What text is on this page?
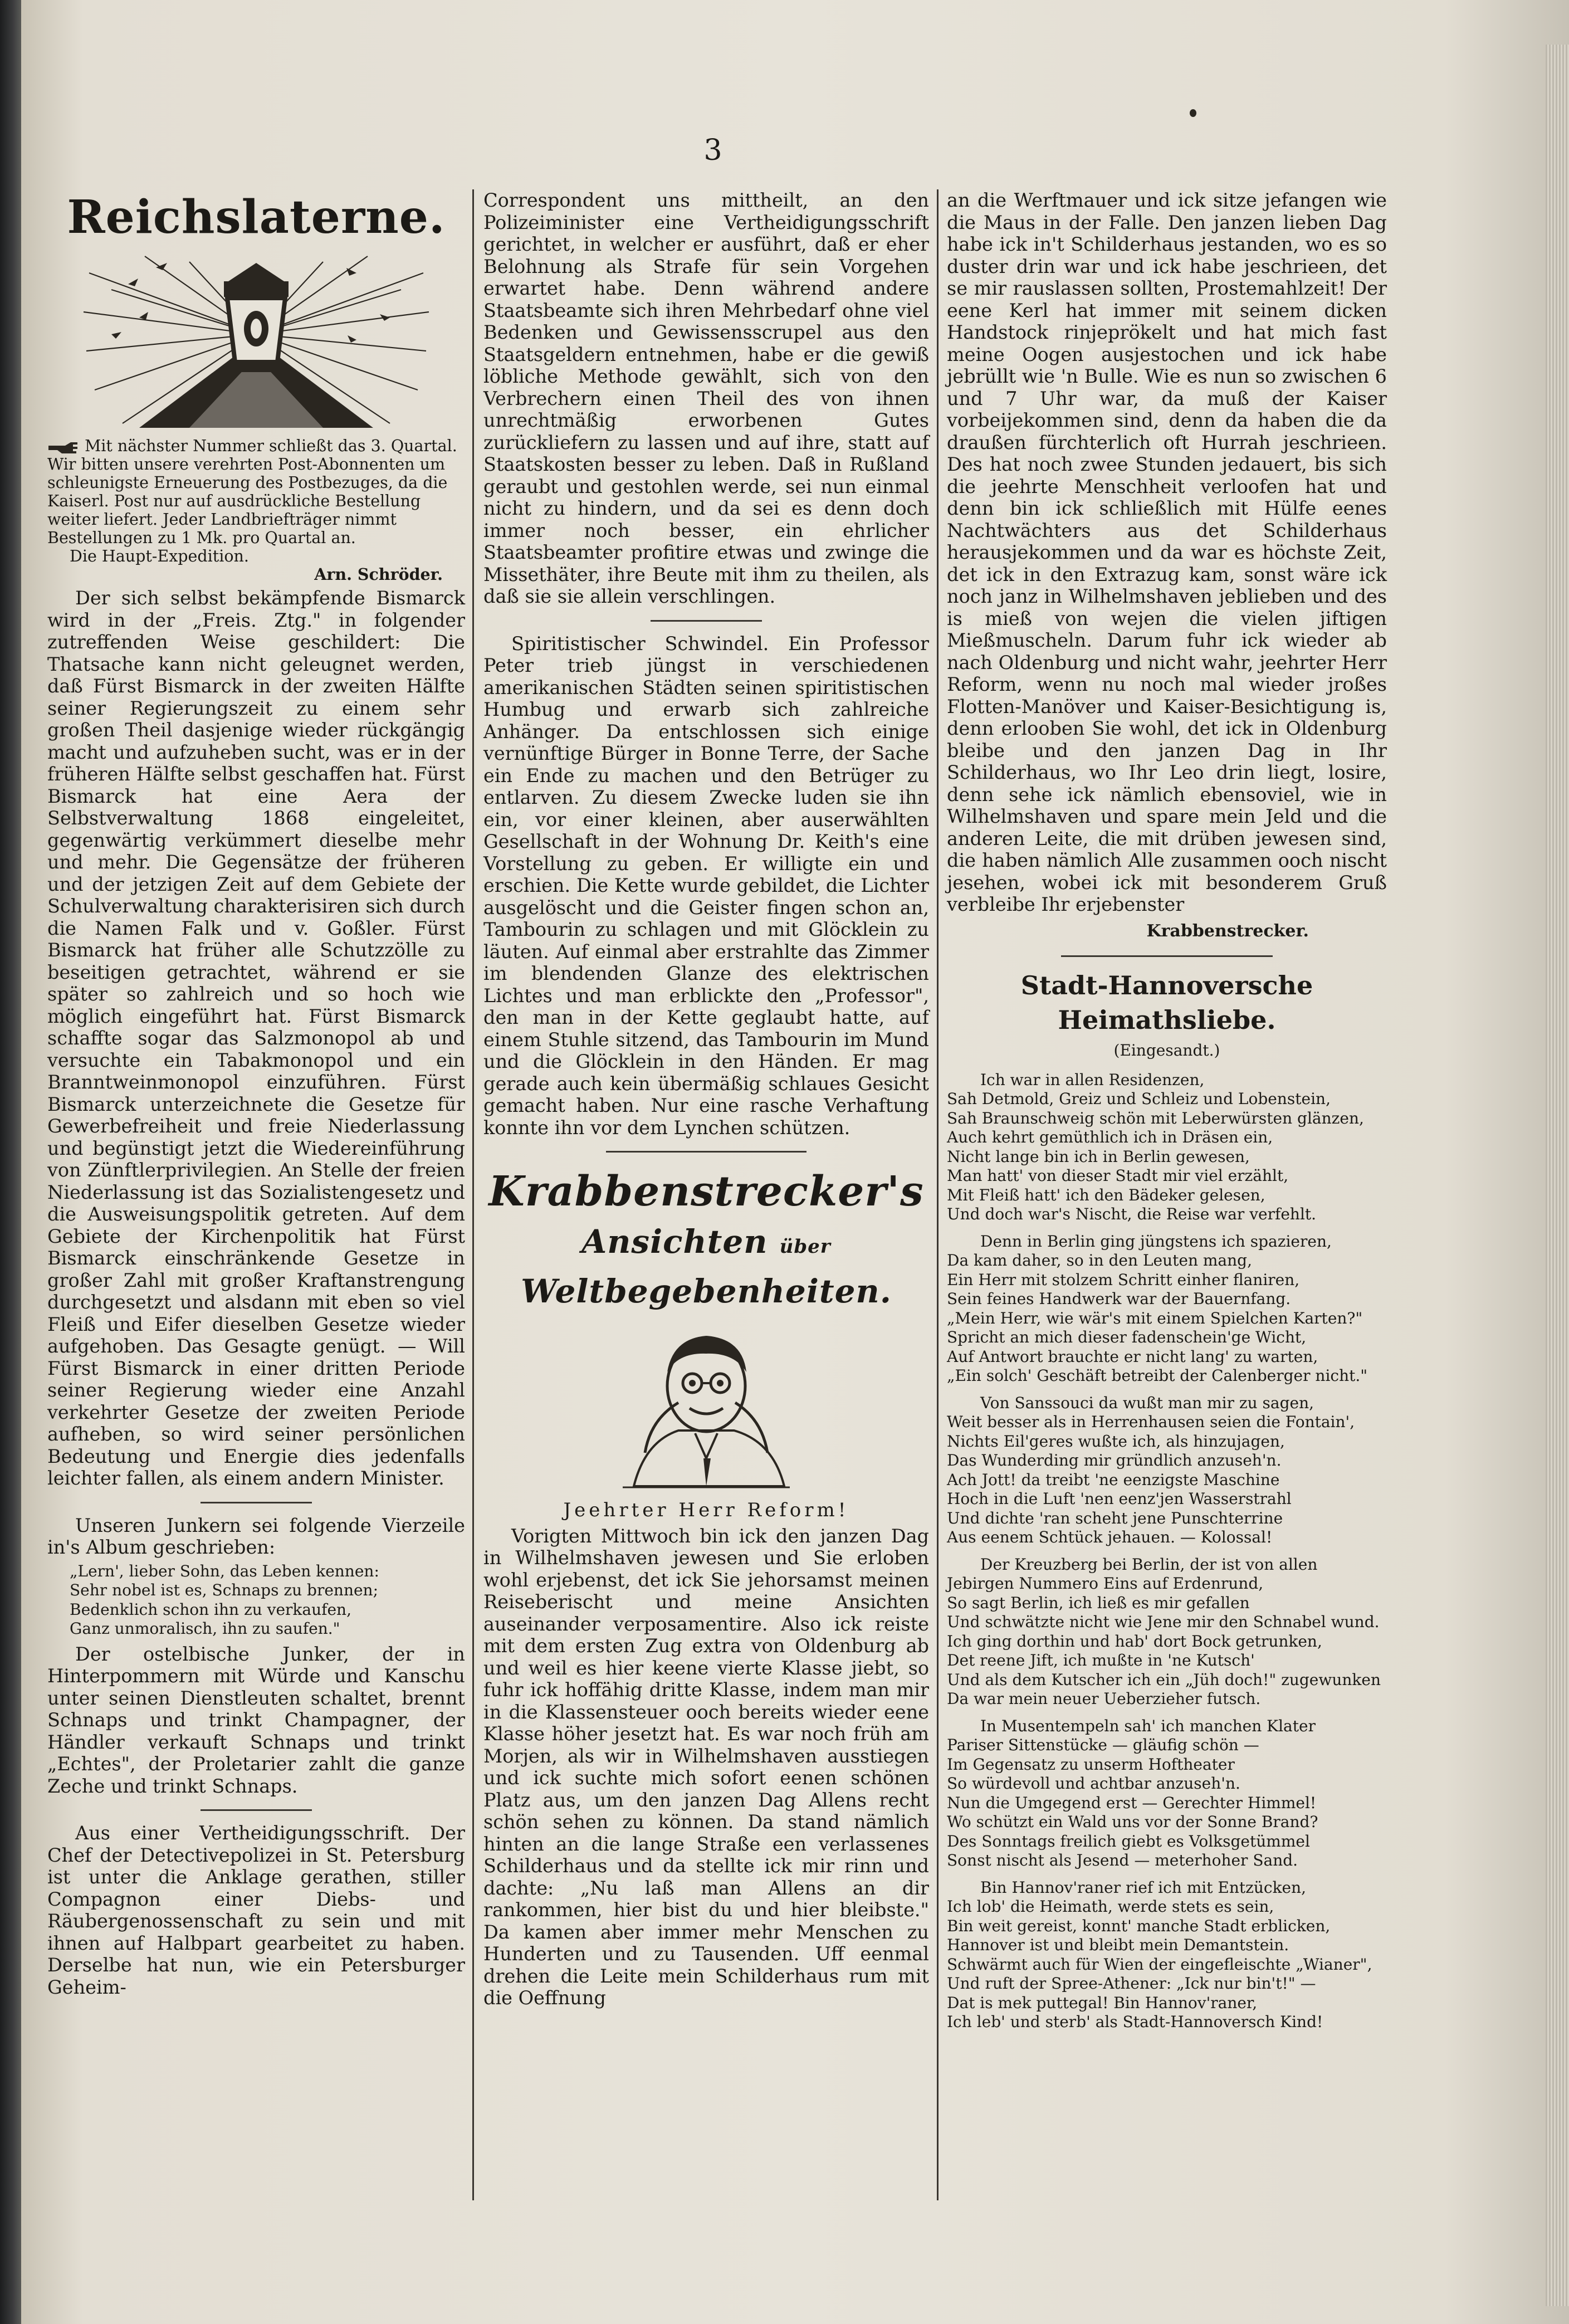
3
Reichslaterne.

Mit nächster Nummer schließt das 3. Quartal. Wir bitten unsere verehrten Post-Abonnenten um schleunigste Erneuerung des Postbezuges, da die Kaiserl. Post nur auf ausdrückliche Bestellung weiter liefert. Jeder Landbriefträger nimmt Bestellungen zu 1 Mk. pro Quartal an. Die Haupt-Expedition.

Arn. Schröder.

Der sich selbst bekämpfende Bismarck wird in der „Freis. Ztg." in folgender zutreffenden Weise geschildert: Die Thatsache kann nicht geleugnet werden, daß Fürst Bismarck in der zweiten Hälfte seiner Regierungszeit zu einem sehr großen Theil dasjenige wieder rückgängig macht und aufzuheben sucht, was er in der früheren Hälfte selbst geschaffen hat. Fürst Bismarck hat eine Aera der Selbstverwaltung 1868 eingeleitet, gegenwärtig verkümmert dieselbe mehr und mehr. Die Gegensätze der früheren und der jetzigen Zeit auf dem Gebiete der Schulverwaltung charakterisiren sich durch die Namen Falk und v. Goßler. Fürst Bismarck hat früher alle Schutzzölle zu beseitigen getrachtet, während er sie später so zahlreich und so hoch wie möglich eingeführt hat. Fürst Bismarck schaffte sogar das Salzmonopol ab und versuchte ein Tabakmonopol und ein Branntweinmonopol einzuführen. Fürst Bismarck unterzeichnete die Gesetze für Gewerbefreiheit und freie Niederlassung und begünstigt jetzt die Wiedereinführung von Zünftlerprivilegien. An Stelle der freien Niederlassung ist das Sozialistengesetz und die Ausweisungspolitik getreten. Auf dem Gebiete der Kirchenpolitik hat Fürst Bismarck einschränkende Gesetze in großer Zahl mit großer Kraftanstrengung durchgesetzt und alsdann mit eben so viel Fleiß und Eifer dieselben Gesetze wieder aufgehoben. Das Gesagte genügt. — Will Fürst Bismarck in einer dritten Periode seiner Regierung wieder eine Anzahl verkehrter Gesetze der zweiten Periode aufheben, so wird seiner persönlichen Bedeutung und Energie dies jedenfalls leichter fallen, als einem andern Minister.

Unseren Junkern sei folgende Vierzeile in's Album geschrieben:

„Lern', lieber Sohn, das Leben kennen:
Sehr nobel ist es, Schnaps zu brennen;
Bedenklich schon ihn zu verkaufen,
Ganz unmoralisch, ihn zu saufen."

Der ostelbische Junker, der in Hinterpommern mit Würde und Kanschu unter seinen Dienstleuten schaltet, brennt Schnaps und trinkt Champagner, der Händler verkauft Schnaps und trinkt „Echtes", der Proletarier zahlt die ganze Zeche und trinkt Schnaps.

Aus einer Vertheidigungsschrift. Der Chef der Detectivepolizei in St. Petersburg ist unter die Anklage gerathen, stiller Compagnon einer Diebs- und Räubergenossenschaft zu sein und mit ihnen auf Halbpart gearbeitet zu haben. Derselbe hat nun, wie ein Petersburger Geheim-

Correspondent uns mittheilt, an den Polizeiminister eine Vertheidigungsschrift gerichtet, in welcher er ausführt, daß er eher Belohnung als Strafe für sein Vorgehen erwartet habe. Denn während andere Staatsbeamte sich ihren Mehrbedarf ohne viel Bedenken und Gewissensscrupel aus den Staatsgeldern entnehmen, habe er die gewiß löbliche Methode gewählt, sich von den Verbrechern einen Theil des von ihnen unrechtmäßig erworbenen Gutes zurückliefern zu lassen und auf ihre, statt auf Staatskosten besser zu leben. Daß in Rußland geraubt und gestohlen werde, sei nun einmal nicht zu hindern, und da sei es denn doch immer noch besser, ein ehrlicher Staatsbeamter profitire etwas und zwinge die Missethäter, ihre Beute mit ihm zu theilen, als daß sie sie allein verschlingen.

Spiritistischer Schwindel. Ein Professor Peter trieb jüngst in verschiedenen amerikanischen Städten seinen spiritistischen Humbug und erwarb sich zahlreiche Anhänger. Da entschlossen sich einige vernünftige Bürger in Bonne Terre, der Sache ein Ende zu machen und den Betrüger zu entlarven. Zu diesem Zwecke luden sie ihn ein, vor einer kleinen, aber auserwählten Gesellschaft in der Wohnung Dr. Keith's eine Vorstellung zu geben. Er willigte ein und erschien. Die Kette wurde gebildet, die Lichter ausgelöscht und die Geister fingen schon an, Tambourin zu schlagen und mit Glöcklein zu läuten. Auf einmal aber erstrahlte das Zimmer im blendenden Glanze des elektrischen Lichtes und man erblickte den „Professor", den man in der Kette geglaubt hatte, auf einem Stuhle sitzend, das Tambourin im Mund und die Glöcklein in den Händen. Er mag gerade auch kein übermäßig schlaues Gesicht gemacht haben. Nur eine rasche Verhaftung konnte ihn vor dem Lynchen schützen.

Krabbenstrecker's
Ansichten über Weltbegebenheiten.
Jeehrter Herr Reform!

Vorigten Mittwoch bin ick den janzen Dag in Wilhelmshaven jewesen und Sie erloben wohl erjebenst, det ick Sie jehorsamst meinen Reiseberischt und meine Ansichten auseinander verposamentire. Also ick reiste mit dem ersten Zug extra von Oldenburg ab und weil es hier keene vierte Klasse jiebt, so fuhr ick hoffähig dritte Klasse, indem man mir in die Klassensteuer ooch bereits wieder eene Klasse höher jesetzt hat. Es war noch früh am Morjen, als wir in Wilhelmshaven ausstiegen und ick suchte mich sofort eenen schönen Platz aus, um den janzen Dag Allens recht schön sehen zu können. Da stand nämlich hinten an die lange Straße een verlassenes Schilderhaus und da stellte ick mir rinn und dachte: „Nu laß man Allens an dir rankommen, hier bist du und hier bleibste." Da kamen aber immer mehr Menschen zu Hunderten und zu Tausenden. Uff eenmal drehen die Leite mein Schilderhaus rum mit die Oeffnung

an die Werftmauer und ick sitze jefangen wie die Maus in der Falle. Den janzen lieben Dag habe ick in't Schilderhaus jestanden, wo es so duster drin war und ick habe jeschrieen, det se mir rauslassen sollten, Prostemahlzeit! Der eene Kerl hat immer mit seinem dicken Handstock rinjeprökelt und hat mich fast meine Oogen ausjestochen und ick habe jebrüllt wie 'n Bulle. Wie es nun so zwischen 6 und 7 Uhr war, da muß der Kaiser vorbeijekommen sind, denn da haben die da draußen fürchterlich oft Hurrah jeschrieen. Des hat noch zwee Stunden jedauert, bis sich die jeehrte Menschheit verloofen hat und denn bin ick schließlich mit Hülfe eenes Nachtwächters aus det Schilderhaus herausjekommen und da war es höchste Zeit, det ick in den Extrazug kam, sonst wäre ick noch janz in Wilhelmshaven jeblieben und des is mieß von wejen die vielen jiftigen Mießmuscheln. Darum fuhr ick wieder ab nach Oldenburg und nicht wahr, jeehrter Herr Reform, wenn nu noch mal wieder jroßes Flotten-Manöver und Kaiser-Besichtigung is, denn erlooben Sie wohl, det ick in Oldenburg bleibe und den janzen Dag in Ihr Schilderhaus, wo Ihr Leo drin liegt, losire, denn sehe ick nämlich ebensoviel, wie in Wilhelmshaven und spare mein Jeld und die anderen Leite, die mit drüben jewesen sind, die haben nämlich Alle zusammen ooch nischt jesehen, wobei ick mit besonderem Gruß verbleibe Ihr erjebenster

Krabbenstrecker.
Stadt-Hannoversche Heimathsliebe.
(Eingesandt.)
Ich war in allen Residenzen,
Sah Detmold, Greiz und Schleiz und Lobenstein,
Sah Braunschweig schön mit Leberwürsten glänzen,
Auch kehrt gemüthlich ich in Dräsen ein,
Nicht lange bin ich in Berlin gewesen,
Man hatt' von dieser Stadt mir viel erzählt,
Mit Fleiß hatt' ich den Bädeker gelesen,
Und doch war's Nischt, die Reise war verfehlt.
Denn in Berlin ging jüngstens ich spazieren,
Da kam daher, so in den Leuten mang,
Ein Herr mit stolzem Schritt einher flaniren,
Sein feines Handwerk war der Bauernfang.
„Mein Herr, wie wär's mit einem Spielchen Karten?"
Spricht an mich dieser fadenschein'ge Wicht,
Auf Antwort brauchte er nicht lang' zu warten,
„Ein solch' Geschäft betreibt der Calenberger nicht."
Von Sanssouci da wußt man mir zu sagen,
Weit besser als in Herrenhausen seien die Fontain',
Nichts Eil'geres wußte ich, als hinzujagen,
Das Wunderding mir gründlich anzuseh'n.
Ach Jott! da treibt 'ne eenzigste Maschine
Hoch in die Luft 'nen eenz'jen Wasserstrahl
Und dichte 'ran scheht jene Punschterrine
Aus eenem Schtück jehauen. — Kolossal!
Der Kreuzberg bei Berlin, der ist von allen
Jebirgen Nummero Eins auf Erdenrund,
So sagt Berlin, ich ließ es mir gefallen
Und schwätzte nicht wie Jene mir den Schnabel wund.
Ich ging dorthin und hab' dort Bock getrunken,
Det reene Jift, ich mußte in 'ne Kutsch'
Und als dem Kutscher ich ein „Jüh doch!" zugewunken
Da war mein neuer Ueberzieher futsch.
In Musentempeln sah' ich manchen Klater
Pariser Sittenstücke — gläufig schön —
Im Gegensatz zu unserm Hoftheater
So würdevoll und achtbar anzuseh'n.
Nun die Umgegend erst — Gerechter Himmel!
Wo schützt ein Wald uns vor der Sonne Brand?
Des Sonntags freilich giebt es Volksgetümmel
Sonst nischt als Jesend — meterhoher Sand.
Bin Hannov'raner rief ich mit Entzücken,
Ich lob' die Heimath, werde stets es sein,
Bin weit gereist, konnt' manche Stadt erblicken,
Hannover ist und bleibt mein Demantstein.
Schwärmt auch für Wien der eingefleischte „Wianer",
Und ruft der Spree-Athener: „Ick nur bin't!" —
Dat is mek puttegal! Bin Hannov'raner,
Ich leb' und sterb' als Stadt-Hannoversch Kind!
